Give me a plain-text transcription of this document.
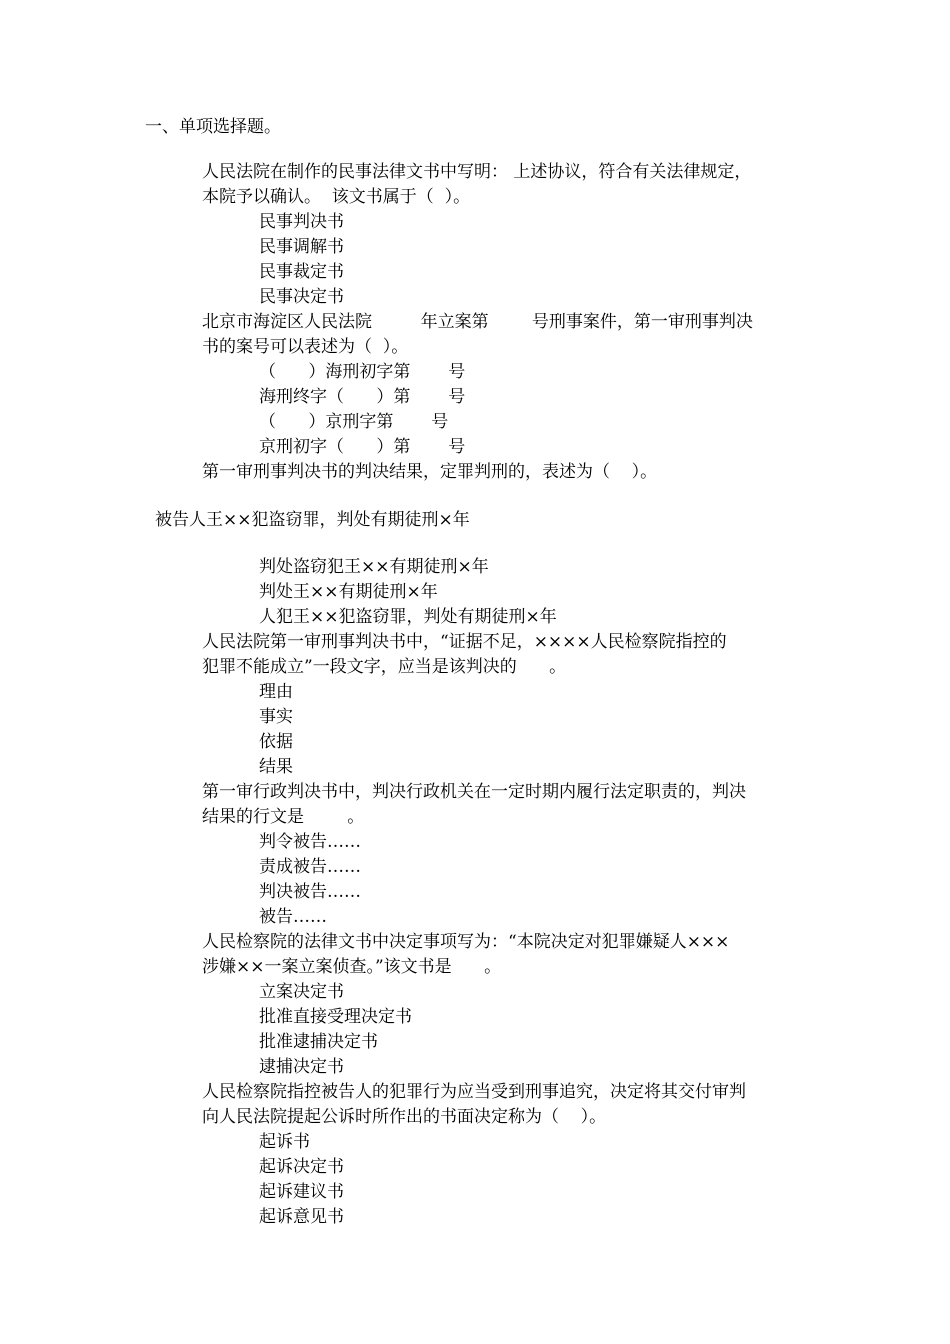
一、单项选择题。
人民法院在制作的民事法律文书中写明： 上述协议，符合有关法律规定，
本院予以确认。  该文书属于（  ）。
民事判决书
民事调解书
民事裁定书
民事决定书
北京市海淀区人民法院         年立案第        号刑事案件，第一审刑事判决
书的案号可以表述为（  ）。
（      ）海刑初字第       号
海刑终字（      ）第       号
（      ）京刑字第       号
京刑初字（      ）第       号
第一审刑事判决书的判决结果，定罪判刑的，表述为（    ）。
被告人王××犯盗窃罪，判处有期徒刑×年
判处盗窃犯王××有期徒刑×年
判处王××有期徒刑×年
人犯王××犯盗窃罪，判处有期徒刑×年
人民法院第一审刑事判决书中，“证据不足，××××人民检察院指控的
犯罪不能成立”一段文字，应当是该判决的      。
理由
事实
依据
结果
第一审行政判决书中，判决行政机关在一定时期内履行法定职责的，判决
结果的行文是        。
判令被告……
责成被告……
判决被告……
被告……
人民检察院的法律文书中决定事项写为：“本院决定对犯罪嫌疑人×××
涉嫌××一案立案侦查。”该文书是      。
立案决定书
批准直接受理决定书
批准逮捕决定书
逮捕决定书
人民检察院指控被告人的犯罪行为应当受到刑事追究，决定将其交付审判
向人民法院提起公诉时所作出的书面决定称为（    ）。
起诉书
起诉决定书
起诉建议书
起诉意见书
